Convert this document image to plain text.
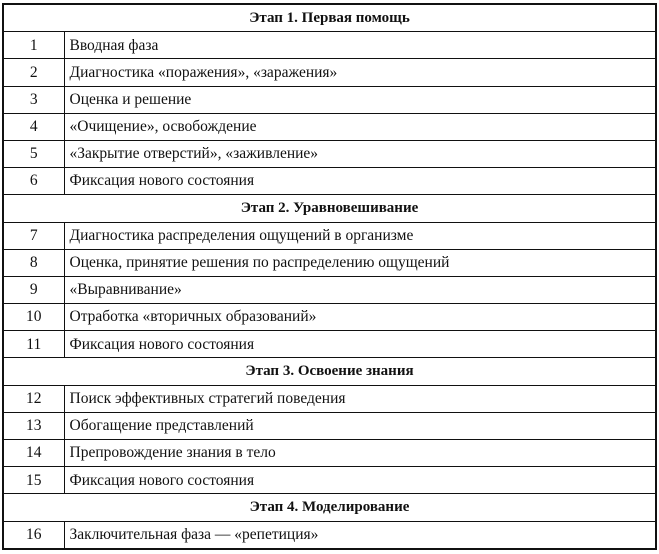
Этап 1. Первая помощь	
1	Вводная фаза
2	Диагностика «поражения», «заражения»
3	Оценка и решение
4	«Очищение», освобождение
5	«Закрытие отверстий», «заживление»
6	Фиксация нового состояния
Этап 2. Уравновешивание	
7	Диагностика распределения ощущений в организме
8	Оценка, принятие решения по распределению ощущений
9	«Выравнивание»
10	Отработка «вторичных образований»
11	Фиксация нового состояния
Этап 3. Освоение знания	
12	Поиск эффективных стратегий поведения
13	Обогащение представлений
14	Препровождение знания в тело
15	Фиксация нового состояния
Этап 4. Моделирование	
16	Заключительная фаза — «репетиция»
